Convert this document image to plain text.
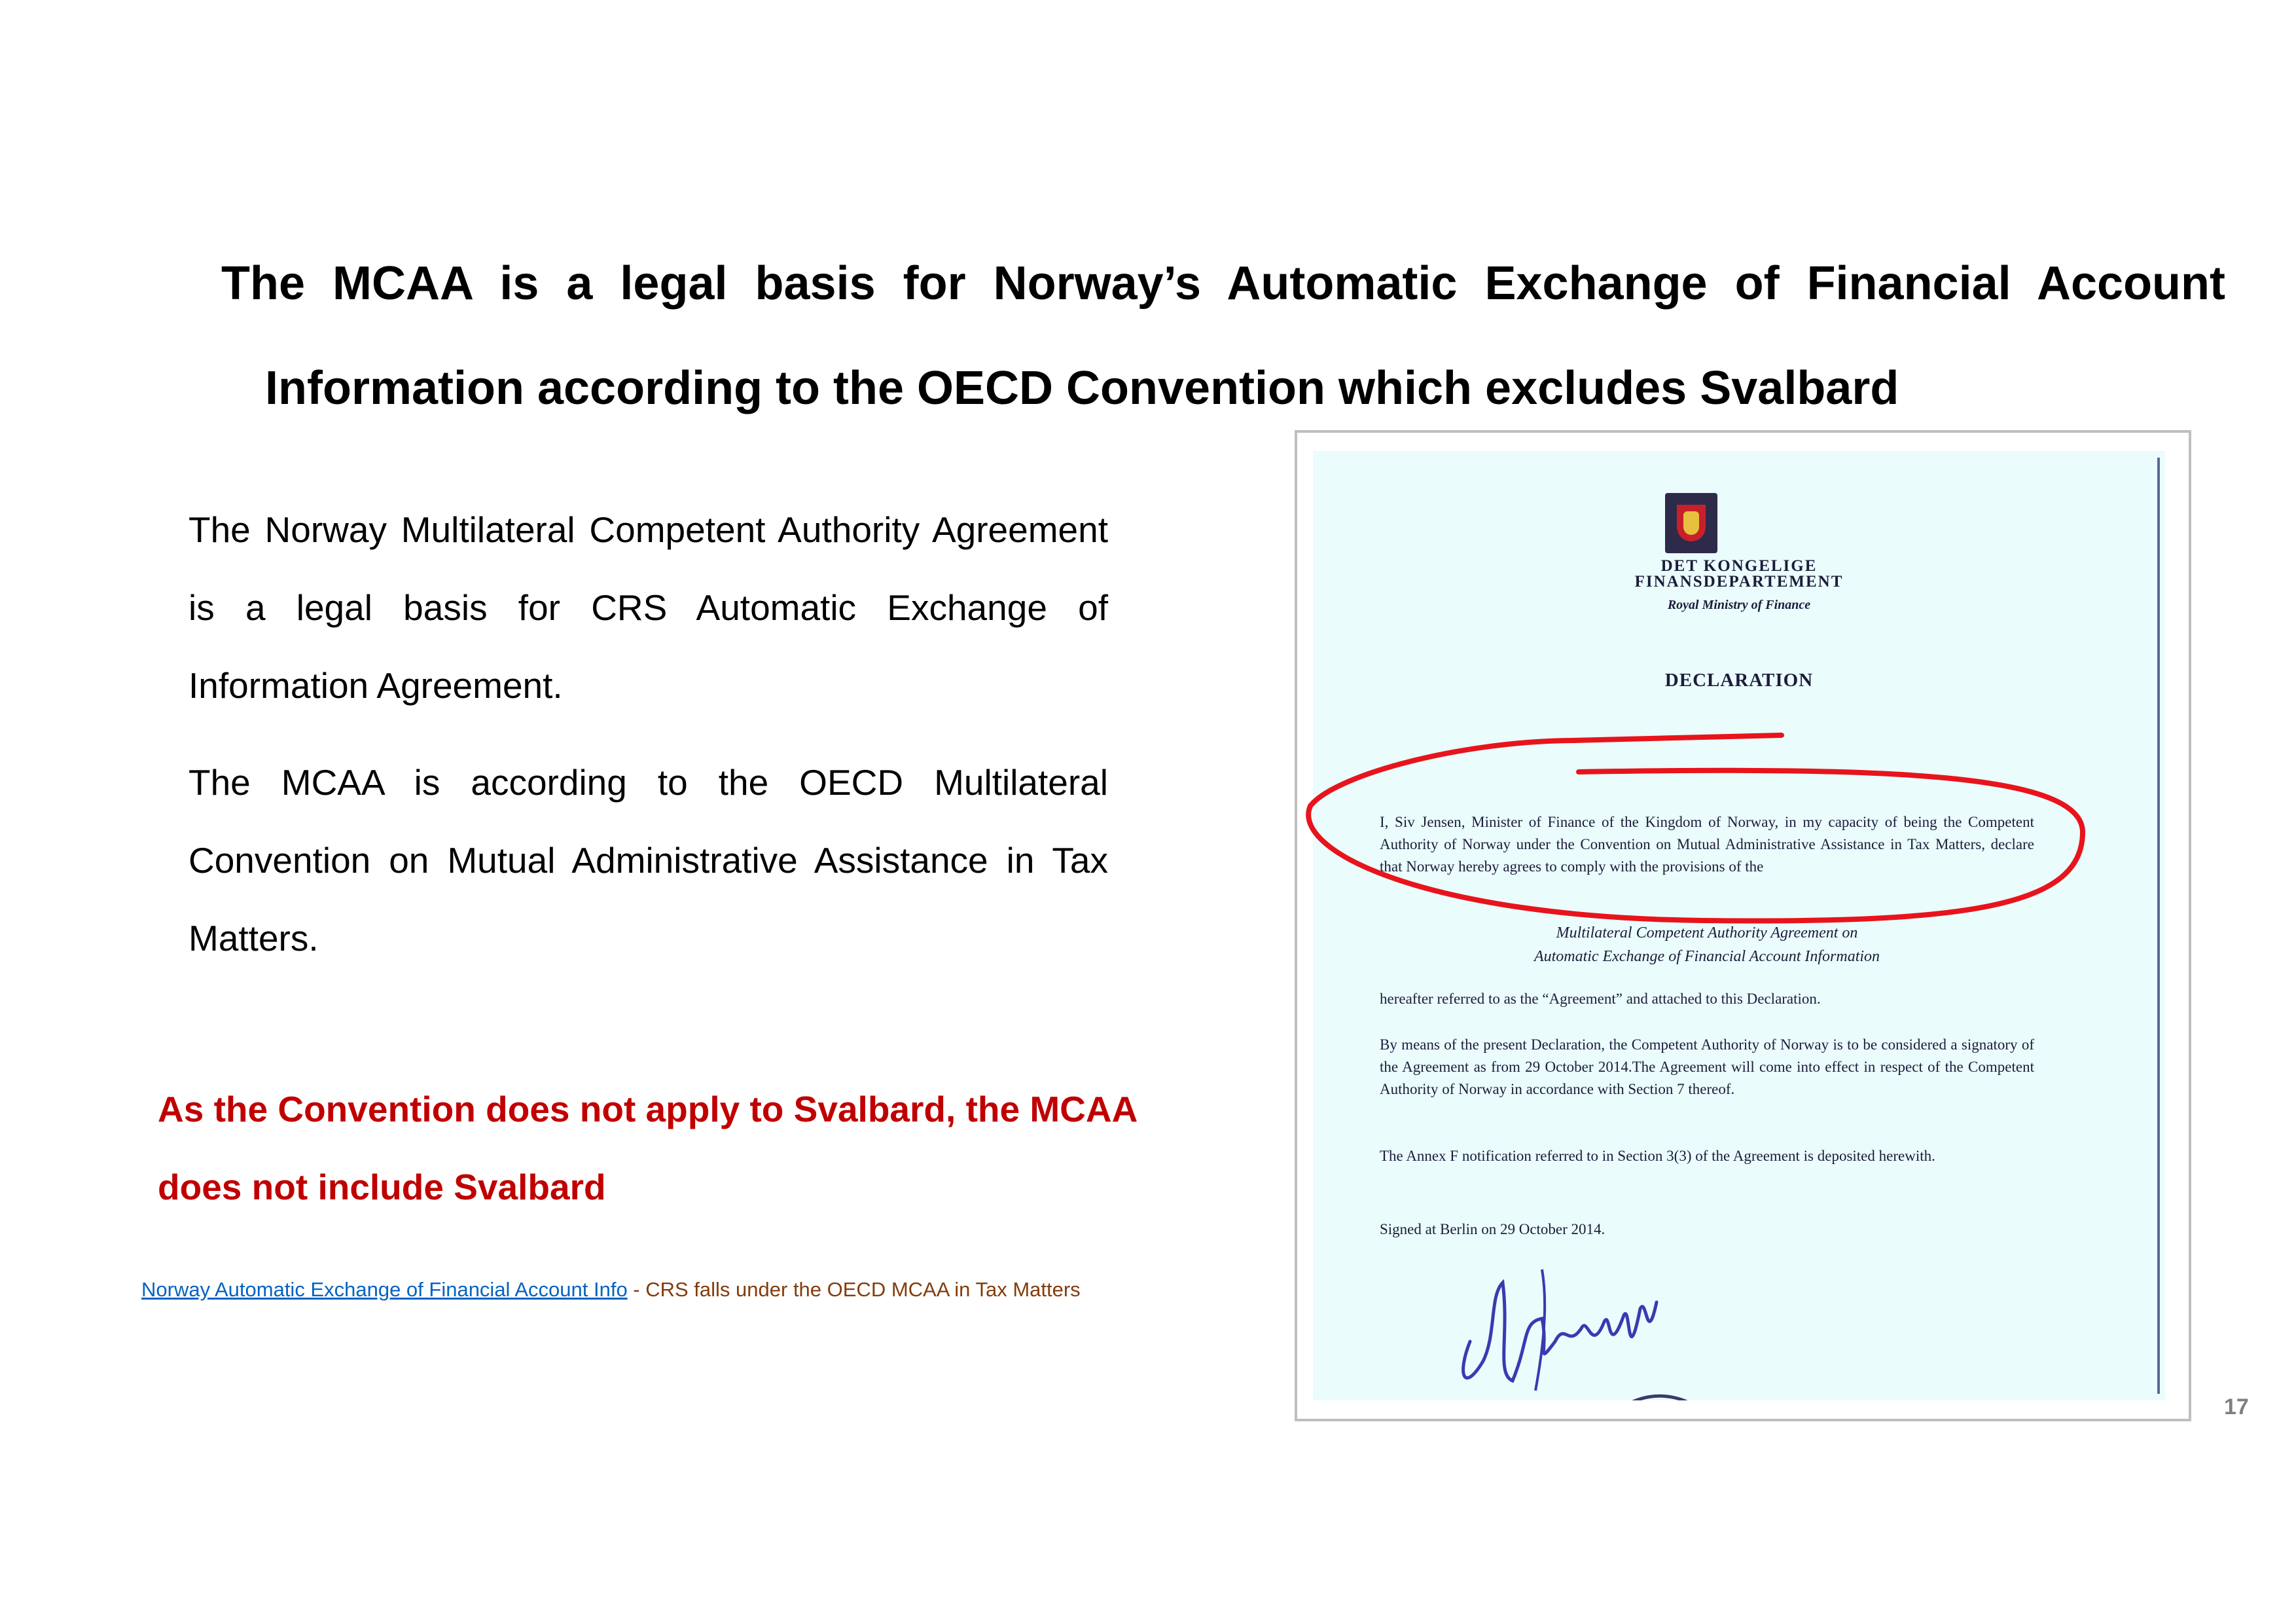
The MCAA is a legal basis for Norway’s Automatic Exchange of Financial Account
Information according to the OECD Convention which excludes Svalbard
The Norway Multilateral Competent Authority Agreement is a legal basis for CRS Automatic Exchange of Information Agreement.
The MCAA is according to the OECD Multilateral Convention on Mutual Administrative Assistance in Tax Matters.
As the Convention does not apply to Svalbard, the MCAA
does not include Svalbard
Norway Automatic Exchange of Financial Account Info - CRS falls under the OECD MCAA in Tax Matters
17
DET KONGELIGE
FINANSDEPARTEMENT
Royal Ministry of Finance
DECLARATION
I, Siv Jensen, Minister of Finance of the Kingdom of Norway, in my capacity of being the Competent Authority of Norway under the Convention on Mutual Administrative Assistance in Tax Matters, declare that Norway hereby agrees to comply with the provisions of the
Multilateral Competent Authority Agreement on
Automatic Exchange of Financial Account Information
hereafter referred to as the “Agreement” and attached to this Declaration.
By means of the present Declaration, the Competent Authority of Norway is to be considered a signatory of the Agreement as from 29 October 2014.The Agreement will come into effect in respect of the Competent Authority of Norway in accordance with Section 7 thereof.
The Annex F notification referred to in Section 3(3) of the Agreement is deposited herewith.
Signed at Berlin on 29 October 2014.
